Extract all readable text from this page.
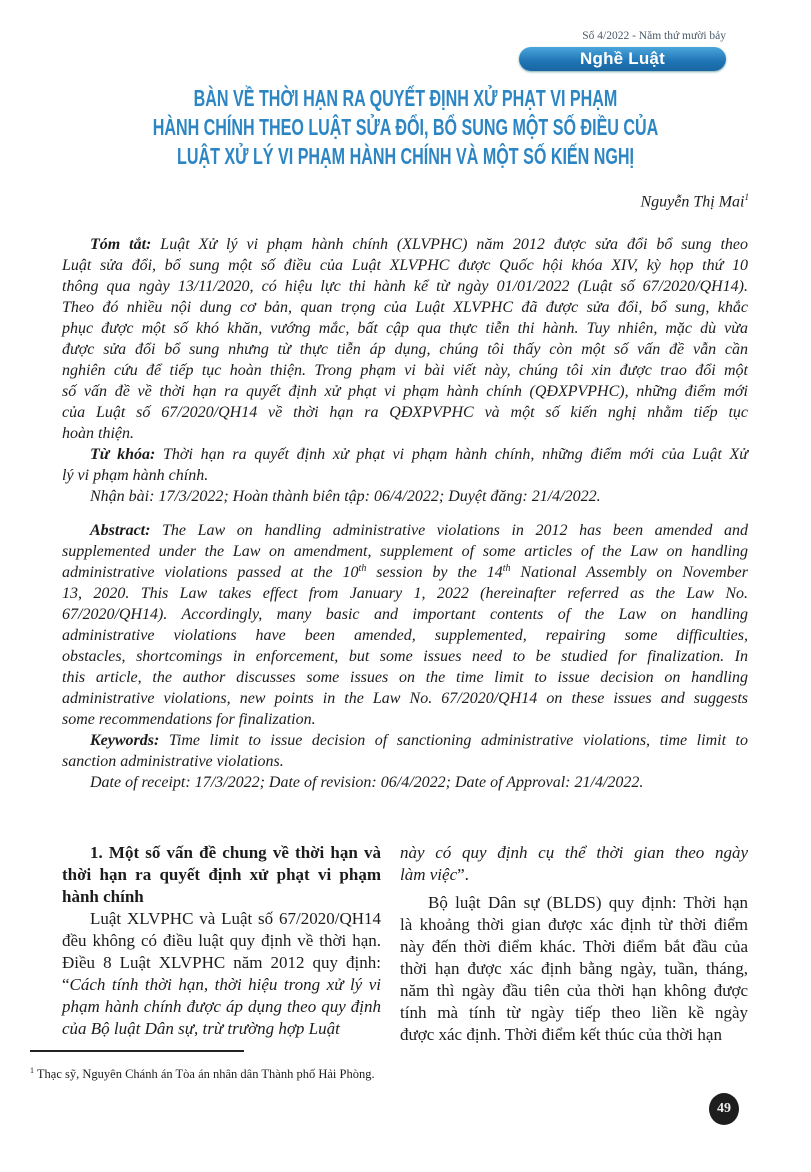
Số 4/2022 - Năm thứ mười bảy
Nghề Luật
BÀN VỀ THỜI HẠN RA QUYẾT ĐỊNH XỬ PHẠT VI PHẠM
HÀNH CHÍNH THEO LUẬT SỬA ĐỔI, BỔ SUNG MỘT SỐ ĐIỀU CỦA
LUẬT XỬ LÝ VI PHẠM HÀNH CHÍNH VÀ MỘT SỐ KIẾN NGHỊ
Nguyễn Thị Mai$^1$
Tóm tắt: Luật Xử lý vi phạm hành chính (XLVPHC) năm 2012 được sửa đổi bổ sung theo
Luật sửa đổi, bổ sung một số điều của Luật XLVPHC được Quốc hội khóa XIV, kỳ họp thứ 10
thông qua ngày 13/11/2020, có hiệu lực thi hành kể từ ngày 01/01/2022 (Luật số 67/2020/QH14).
Theo đó nhiều nội dung cơ bản, quan trọng của Luật XLVPHC đã được sửa đổi, bổ sung, khắc
phục được một số khó khăn, vướng mắc, bất cập qua thực tiễn thi hành. Tuy nhiên, mặc dù vừa
được sửa đổi bổ sung nhưng từ thực tiễn áp dụng, chúng tôi thấy còn một số vấn đề vẫn cần
nghiên cứu để tiếp tục hoàn thiện. Trong phạm vi bài viết này, chúng tôi xin được trao đổi một
số vấn đề về thời hạn ra quyết định xử phạt vi phạm hành chính (QĐXPVPHC), những điểm mới
của Luật số 67/2020/QH14 về thời hạn ra QĐXPVPHC và một số kiến nghị nhằm tiếp tục
hoàn thiện.
Từ khóa: Thời hạn ra quyết định xử phạt vi phạm hành chính, những điểm mới của Luật Xử
lý vi phạm hành chính.
Nhận bài: 17/3/2022; Hoàn thành biên tập: 06/4/2022; Duyệt đăng: 21/4/2022.
Abstract: The Law on handling administrative violations in 2012 has been amended and
supplemented under the Law on amendment, supplement of some articles of the Law on handling
administrative violations passed at the 10th session by the 14th National Assembly on November
13, 2020. This Law takes effect from January 1, 2022 (hereinafter referred as the Law No.
67/2020/QH14). Accordingly, many basic and important contents of the Law on handling
administrative violations have been amended, supplemented, repairing some difficulties,
obstacles, shortcomings in enforcement, but some issues need to be studied for finalization. In
this article, the author discusses some issues on the time limit to issue decision on handling
administrative violations, new points in the Law No. 67/2020/QH14 on these issues and suggests
some recommendations for finalization.
Keywords: Time limit to issue decision of sanctioning administrative violations, time limit to
sanction administrative violations.
Date of receipt: 17/3/2022; Date of revision: 06/4/2022; Date of Approval: 21/4/2022.
1. Một số vấn đề chung về thời hạn và
thời hạn ra quyết định xử phạt vi phạm
hành chính
Luật XLVPHC và Luật số 67/2020/QH14
đều không có điều luật quy định về thời hạn.
Điều 8 Luật XLVPHC năm 2012 quy định:
“Cách tính thời hạn, thời hiệu trong xử lý vi
phạm hành chính được áp dụng theo quy định
của Bộ luật Dân sự, trừ trường hợp Luật
này có quy định cụ thể thời gian theo ngày
làm việc”.
Bộ luật Dân sự (BLDS) quy định: Thời hạn
là khoảng thời gian được xác định từ thời điểm
này đến thời điểm khác. Thời điểm bắt đầu của
thời hạn được xác định bằng ngày, tuần, tháng,
năm thì ngày đầu tiên của thời hạn không được
tính mà tính từ ngày tiếp theo liền kề ngày
được xác định. Thời điểm kết thúc của thời hạn
$^1$ Thạc sỹ, Nguyên Chánh án Tòa án nhân dân Thành phố Hải Phòng.
49
